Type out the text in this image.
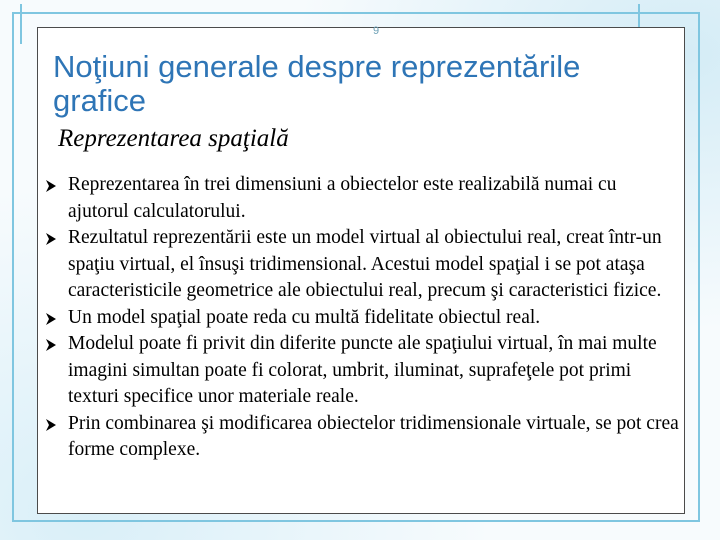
9
Noţiuni generale despre reprezentările grafice
Reprezentarea spaţială
Reprezentarea în trei dimensiuni a obiectelor este realizabilă numai cu ajutorul calculatorului.
Rezultatul reprezentării este un model virtual al obiectului real, creat într-un spaţiu virtual, el însuşi tridimensional. Acestui model spaţial i se pot ataşa caracteristicile geometrice ale obiectului real, precum şi caracteristici fizice.
Un model spaţial poate reda cu multă fidelitate obiectul real.
Modelul poate fi privit din diferite puncte ale spaţiului virtual, în mai multe imagini simultan poate fi colorat, umbrit, iluminat, suprafeţele pot primi texturi specifice unor materiale reale.
Prin combinarea şi modificarea obiectelor tridimensionale virtuale, se pot crea forme complexe.
